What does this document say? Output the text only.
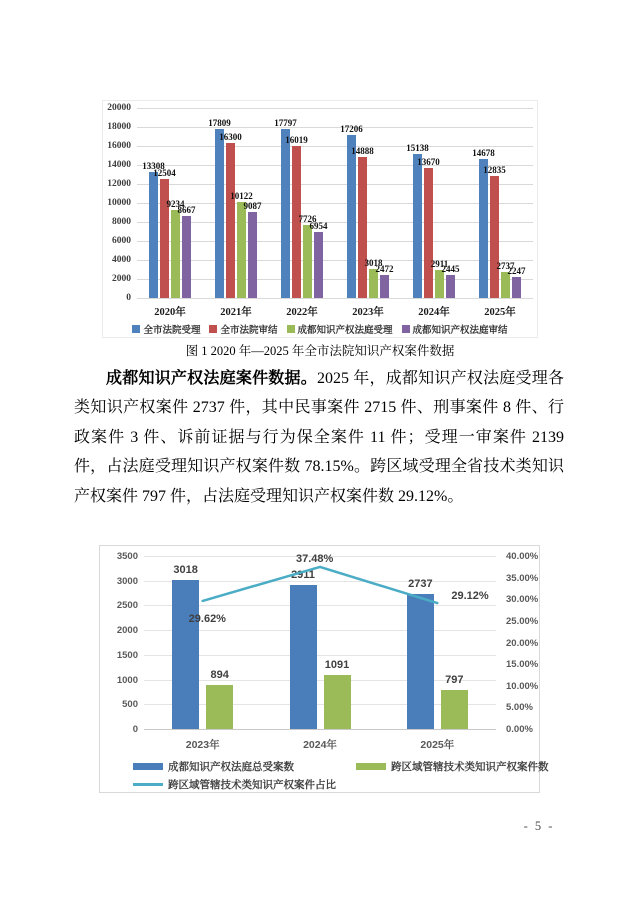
0
2000
4000
6000
8000
10000
12000
14000
16000
18000
20000
2020年
13308
12504
9234
8667
2021年
17809
16300
10122
9087
2022年
17797
16019
7726
6954
2023年
17206
14888
3018
2472
2024年
15138
13670
2911
2445
2025年
14678
12835
2737
2247
全市法院受理 全市法院审结 成都知识产权法庭受理 成都知识产权法庭审结
图 1 2020 年—2025 年全市法院知识产权案件数据

成都知识产权法庭案件数据。2025 年，成都知识产权法庭受理各类知识产权案件 2737 件，其中民事案件 2715 件、刑事案件 8 件、行政案件 3 件、诉前证据与行为保全案件 11 件；受理一审案件 2139 件，占法庭受理知识产权案件数 78.15%。跨区域受理全省技术类知识产权案件 797 件，占法庭受理知识产权案件数 29.12%。

0
500
1000
1500
2000
2500
3000
3500
0.00%
5.00%
10.00%
15.00%
20.00%
25.00%
30.00%
35.00%
40.00%
2023年
3018
894
2024年
2911
1091
2025年
2737
797
29.62%
37.48%
29.12%
成都知识产权法庭总受案数	跨区域管辖技术类知识产权案件数
跨区域管辖技术类知识产权案件占比
- 5 -
